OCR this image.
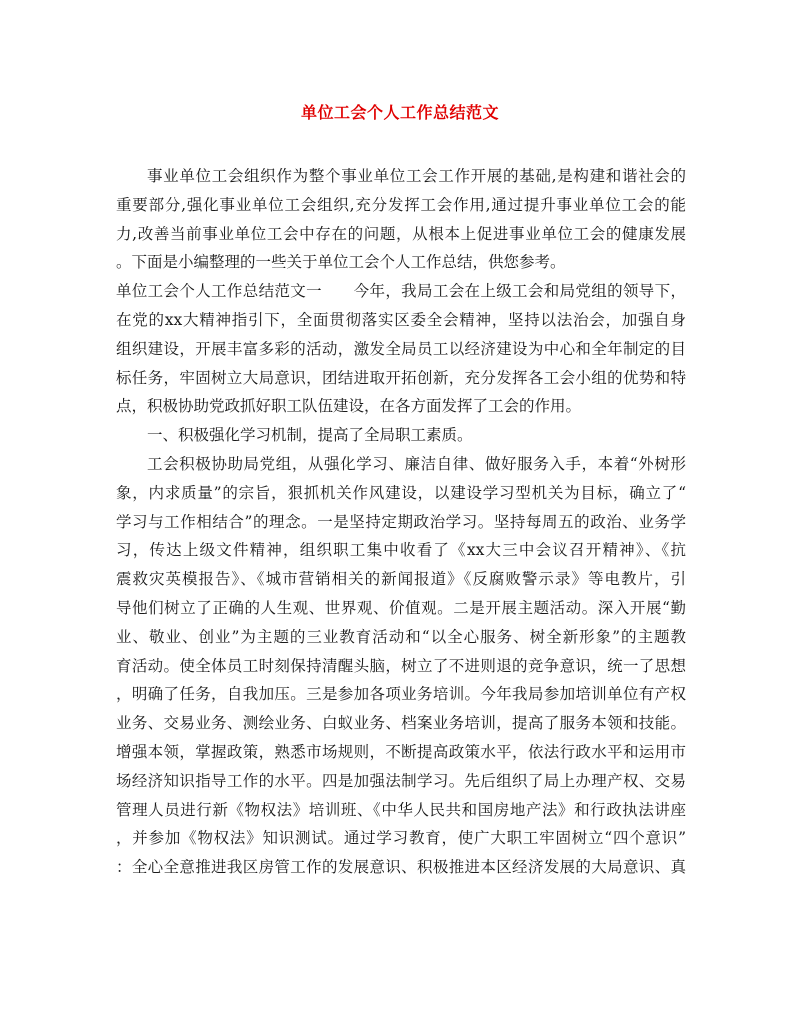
单位工会个人工作总结范文
事业单位工会组织作为整个事业单位工会工作开展的基础,是构建和谐社会的
重要部分,强化事业单位工会组织,充分发挥工会作用,通过提升事业单位工会的能
力,改善当前事业单位工会中存在的问题，从根本上促进事业单位工会的健康发展
。下面是小编整理的一些关于单位工会个人工作总结，供您参考。
单位工会个人工作总结范文一　　今年，我局工会在上级工会和局党组的领导下，
在党的xx大精神指引下，全面贯彻落实区委全会精神，坚持以法治会，加强自身
组织建设，开展丰富多彩的活动，激发全局员工以经济建设为中心和全年制定的目
标任务，牢固树立大局意识，团结进取开拓创新，充分发挥各工会小组的优势和特
点，积极协助党政抓好职工队伍建设，在各方面发挥了工会的作用。
一、积极强化学习机制，提高了全局职工素质。
工会积极协助局党组，从强化学习、廉洁自律、做好服务入手，本着“外树形
象，内求质量”的宗旨，狠抓机关作风建设，以建设学习型机关为目标，确立了“
学习与工作相结合”的理念。一是坚持定期政治学习。坚持每周五的政治、业务学
习，传达上级文件精神，组织职工集中收看了《xx大三中会议召开精神》、《抗
震救灾英模报告》、《城市营销相关的新闻报道》《反腐败警示录》等电教片，引
导他们树立了正确的人生观、世界观、价值观。二是开展主题活动。深入开展“勤
业、敬业、创业”为主题的三业教育活动和“以全心服务、树全新形象”的主题教
育活动。使全体员工时刻保持清醒头脑，树立了不进则退的竞争意识，统一了思想
，明确了任务，自我加压。三是参加各项业务培训。今年我局参加培训单位有产权
业务、交易业务、测绘业务、白蚁业务、档案业务培训，提高了服务本领和技能。
增强本领，掌握政策，熟悉市场规则，不断提高政策水平，依法行政水平和运用市
场经济知识指导工作的水平。四是加强法制学习。先后组织了局上办理产权、交易
管理人员进行新《物权法》培训班、《中华人民共和国房地产法》和行政执法讲座
，并参加《物权法》知识测试。通过学习教育，使广大职工牢固树立“四个意识”
：全心全意推进我区房管工作的发展意识、积极推进本区经济发展的大局意识、真
